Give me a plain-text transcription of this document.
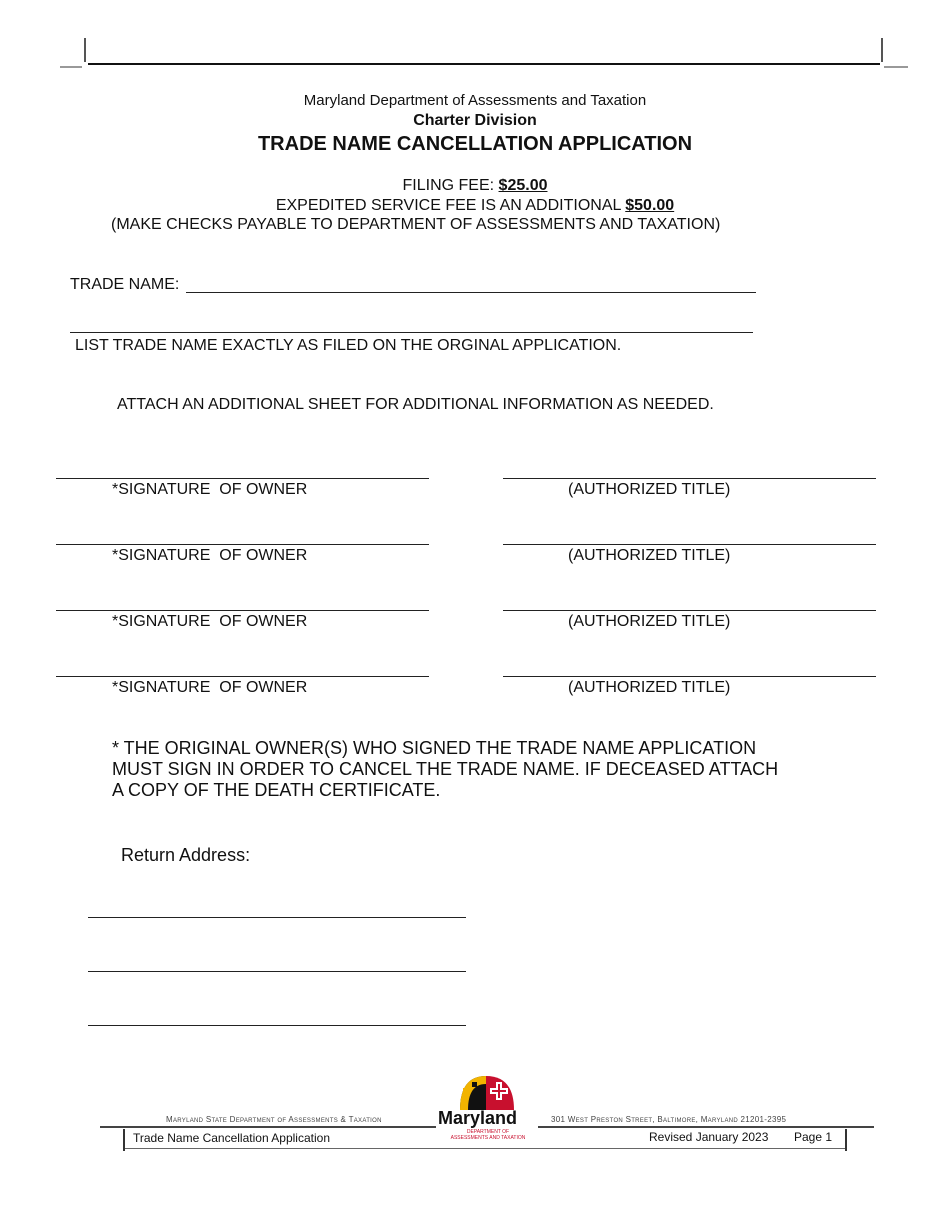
Maryland Department of Assessments and Taxation
Charter Division
TRADE NAME CANCELLATION APPLICATION
FILING FEE: $25.00
EXPEDITED SERVICE FEE IS AN ADDITIONAL $50.00
(MAKE CHECKS PAYABLE TO DEPARTMENT OF ASSESSMENTS AND TAXATION)
TRADE NAME:
LIST TRADE NAME EXACTLY AS FILED ON THE ORGINAL APPLICATION.
ATTACH AN ADDITIONAL SHEET FOR ADDITIONAL INFORMATION AS NEEDED.
*SIGNATURE  OF OWNER	(AUTHORIZED TITLE)
*SIGNATURE  OF OWNER	(AUTHORIZED TITLE)
*SIGNATURE  OF OWNER	(AUTHORIZED TITLE)
*SIGNATURE  OF OWNER	(AUTHORIZED TITLE)
* THE ORIGINAL OWNER(S) WHO SIGNED THE TRADE NAME APPLICATION
MUST SIGN IN ORDER TO CANCEL THE TRADE NAME. IF DECEASED ATTACH
A COPY OF THE DEATH CERTIFICATE.
Return Address:
Maryland
DEPARTMENT OF
ASSESSMENTS AND TAXATION
Maryland State Department of Assessments & Taxation	301 West Preston Street, Baltimore, Maryland 21201-2395
Trade Name Cancellation Application	Revised January 2023 Page 1
